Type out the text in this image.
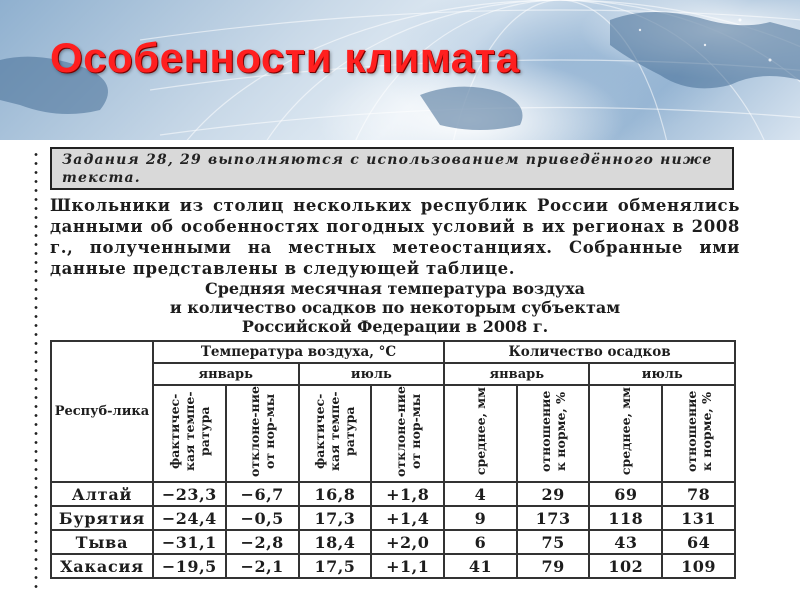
Особенности климата
Задания 28, 29 выполняются с использованием приведённого ниже текста.
Школьники из столиц нескольких республик России обменялись данными об особенностях погодных условий в их регионах в 2008 г., полученными на местных метеостанциях. Собранные ими данные представлены в следующей таблице.
Средняя месячная температура воздуха
и количество осадков по некоторым субъектам
Российской Федерации в 2008 г.
Респуб-лика	Температура воздуха, °С				Количество осадков			
	январь		июль		январь		июль	
	фактичес-кая темпе-ратура	отклоне-ние от нор-мы	фактичес-кая темпе-ратура	отклоне-ние от нор-мы	среднее, мм	отношение к норме, %	среднее, мм	отношение к норме, %
Алтай	−23,3	−6,7	16,8	+1,8	4	29	69	78
Бурятия	−24,4	−0,5	17,3	+1,4	9	173	118	131
Тыва	−31,1	−2,8	18,4	+2,0	6	75	43	64
Хакасия	−19,5	−2,1	17,5	+1,1	41	79	102	109
